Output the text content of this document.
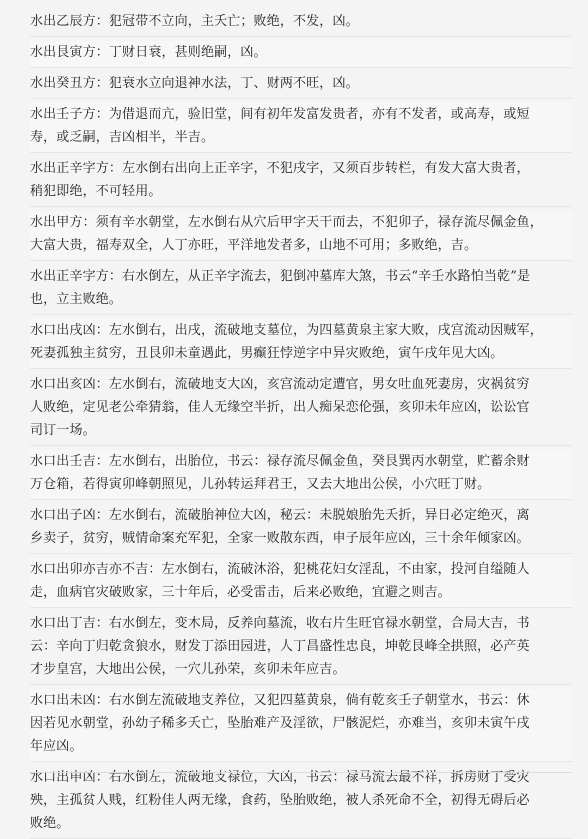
水出乙辰方：犯冠带不立向，主夭亡；败绝，不发，凶。
水出艮寅方：丁财日衰，甚则绝嗣，凶。
水出癸丑方：犯衰水立向退神水法，丁、财两不旺，凶。
水出壬子方：为借退而亢，验旧堂，间有初年发富发贵者，亦有不发者，或高寿，或短
寿，或乏嗣，吉凶相半，半吉。
水出正辛字方：左水倒右出向上正辛字，不犯戌字，又须百步转栏，有发大富大贵者，
稍犯即绝，不可轻用。
水出甲方：须有辛水朝堂，左水倒右从穴后甲字天干而去，不犯卯子，禄存流尽佩金鱼，
大富大贵，福寿双全，人丁亦旺，平洋地发者多，山地不可用；多败绝，吉。
水出正辛字方：右水倒左，从正辛字流去，犯倒冲墓库大煞，书云“辛壬水路怕当乾”是
也，立主败绝。
水口出戌凶：左水倒右，出戌，流破地支墓位，为四墓黄泉主家大败，戌宫流动因贼军，
死妻孤独主贫穷，丑艮卯未童遇此，男癫狂悖逆字中异灾败绝，寅午戌年见大凶。
水口出亥凶：左水倒右，流破地支大凶，亥宫流动定遭官，男女吐血死妻房，灾祸贫穷
人败绝，定见老公牵猜翁，佳人无缘空半折，出人痴呆恋伦强，亥卯未年应凶，讼讼官
司订一场。
水口出壬吉：左水倒右，出胎位，书云：禄存流尽佩金鱼，癸艮巽丙水朝堂，贮蓄余财
万仓箱，若得寅卯峰朝照见，儿孙转运拜君王，又去大地出公侯，小穴旺丁财。
水口出子凶：左水倒右，流破胎神位大凶，秘云：未脱娘胎先夭折，异日必定绝灭，离
乡卖子，贫穷，贼情命案充军犯，全家一败散东西，申子辰年应凶，三十余年倾家凶。
水口出卯亦吉亦不吉：左水倒右，流破沐浴，犯桃花妇女淫乱，不由家，投河自缢随人
走，血病官灾破败家，三十年后，必受雷击，后来必败绝，宜避之则吉。
水口出丁吉：右水倒左，变木局，反养向墓流，收右片生旺官禄水朝堂，合局大吉，书
云：辛向丁归乾贪狼水，财发丁添田园进，人丁昌盛性忠良，坤乾艮峰全拱照，必产英
才步皇宫，大地出公侯，一穴儿孙荣，亥卯未年应吉。
水口出未凶：右水倒左流破地支养位，又犯四墓黄泉，倘有乾亥壬子朝堂水，书云：休
因若见水朝堂，孙幼子稀多夭亡，坠胎难产及淫欲，尸骸泥烂，亦难当，亥卯未寅午戌
年应凶。
水口出申凶：右水倒左，流破地支禄位，大凶，书云：禄马流去最不祥，拆房财丁受灾
殃，主孤贫人贱，红粉佳人两无缘，食药，坠胎败绝，被人杀死命不全，初得无碍后必
败绝。
